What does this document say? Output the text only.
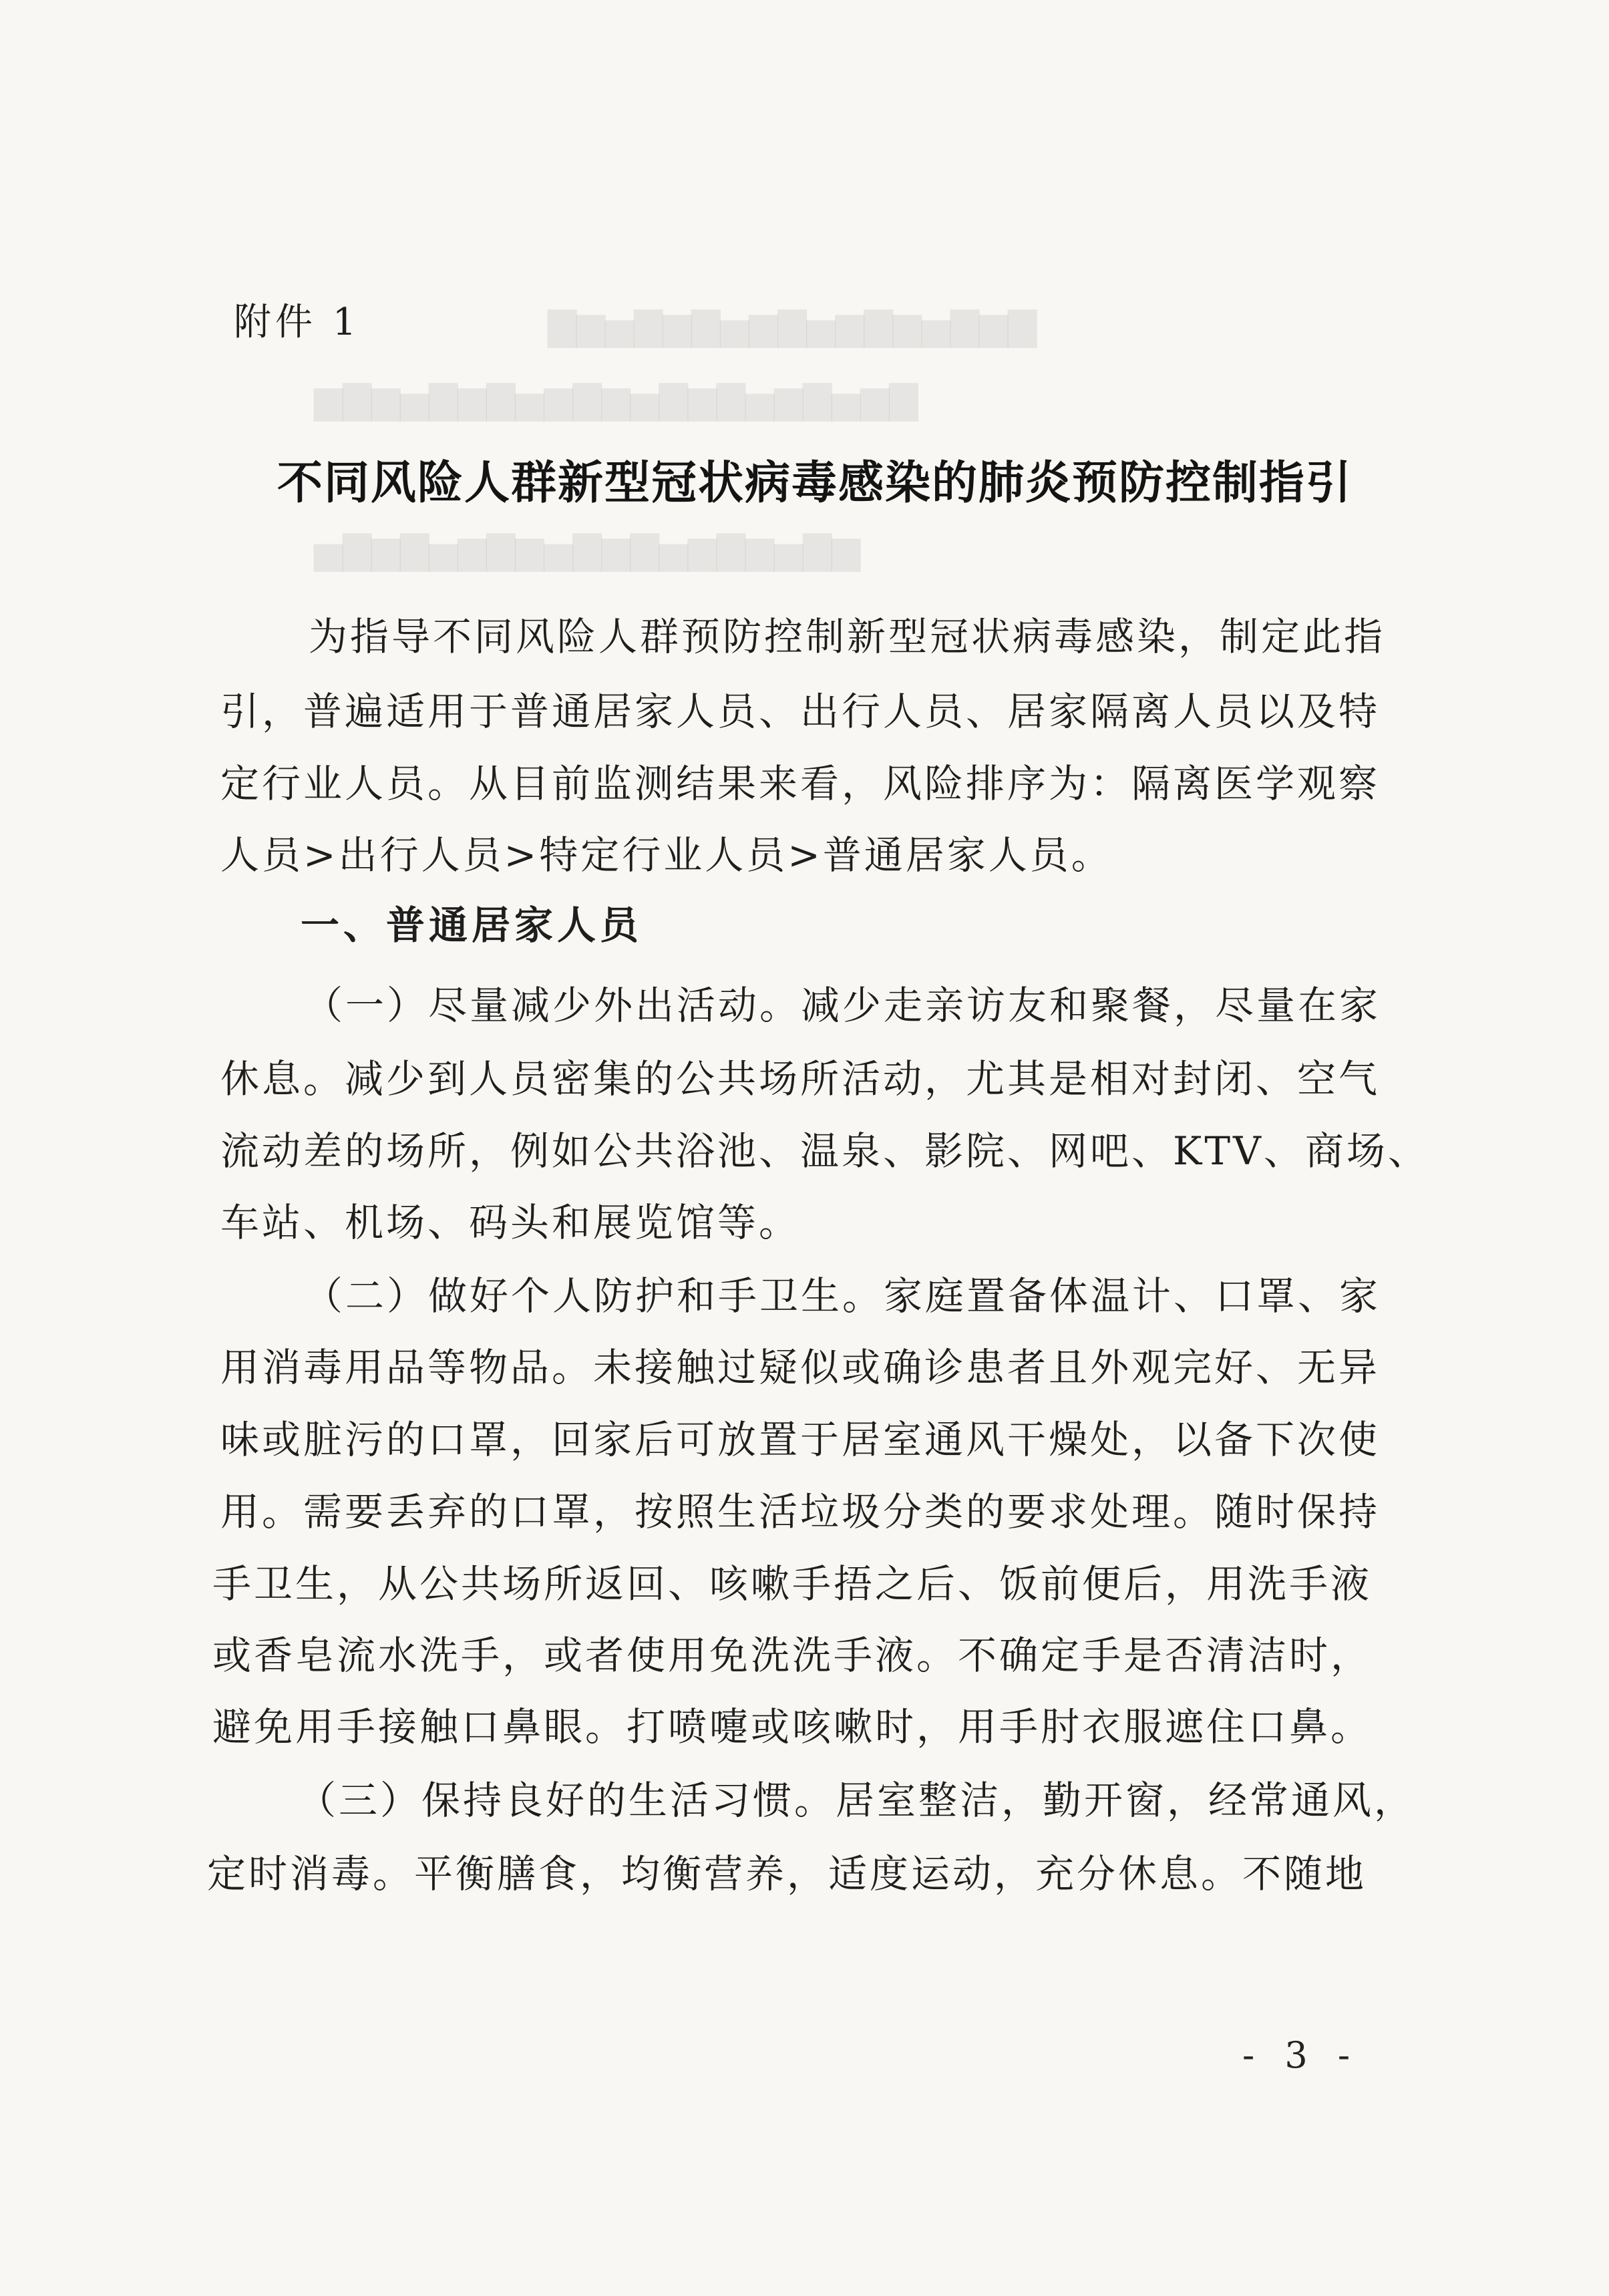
▇▆▇▅▆▇▆▅▇▆▅▇▆▇▅▆▇
▇▆▅▇▆▅▇▆▇▅▆▇▆▅▇▆▇▅▆▇▆
▆▇▅▆▇▆▅▇▆▇▅▆▇▆▅▇▆▇▅
附件 1
不同风险人群新型冠状病毒感染的肺炎预防控制指引
为指导不同风险人群预防控制新型冠状病毒感染，制定此指
引，普遍适用于普通居家人员、出行人员、居家隔离人员以及特
定行业人员。从目前监测结果来看，风险排序为：隔离医学观察
人员>出行人员>特定行业人员>普通居家人员。
一、普通居家人员
（一）尽量减少外出活动。减少走亲访友和聚餐，尽量在家
休息。减少到人员密集的公共场所活动，尤其是相对封闭、空气
流动差的场所，例如公共浴池、温泉、影院、网吧、KTV、商场、
车站、机场、码头和展览馆等。
（二）做好个人防护和手卫生。家庭置备体温计、口罩、家
用消毒用品等物品。未接触过疑似或确诊患者且外观完好、无异
味或脏污的口罩，回家后可放置于居室通风干燥处，以备下次使
用。需要丢弃的口罩，按照生活垃圾分类的要求处理。随时保持
手卫生，从公共场所返回、咳嗽手捂之后、饭前便后，用洗手液
或香皂流水洗手，或者使用免洗洗手液。不确定手是否清洁时，
避免用手接触口鼻眼。打喷嚏或咳嗽时，用手肘衣服遮住口鼻。
（三）保持良好的生活习惯。居室整洁，勤开窗，经常通风，
定时消毒。平衡膳食，均衡营养，适度运动，充分休息。不随地
- 3 -
